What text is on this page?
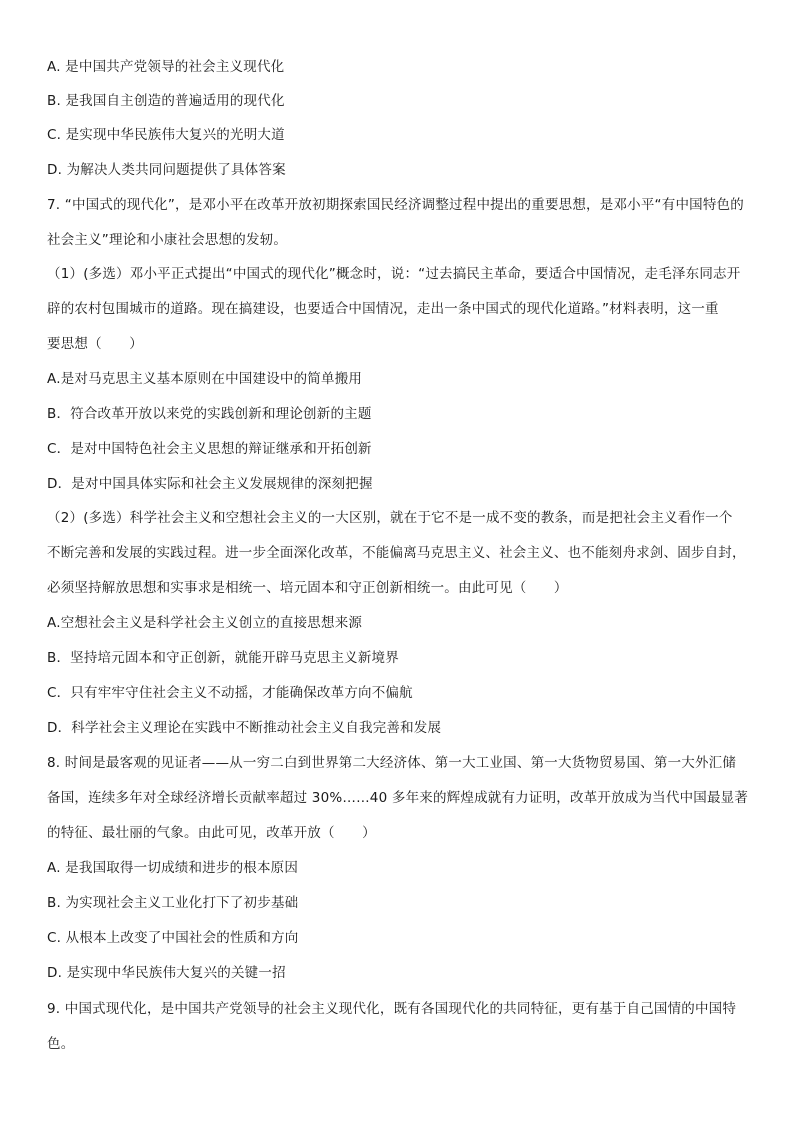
A. 是中国共产党领导的社会主义现代化
B. 是我国自主创造的普遍适用的现代化
C. 是实现中华民族伟大复兴的光明大道
D. 为解决人类共同问题提供了具体答案
7. “中国式的现代化”，是邓小平在改革开放初期探索国民经济调整过程中提出的重要思想，是邓小平“有中国特色的
社会主义”理论和小康社会思想的发轫。
（1）(多选）邓小平正式提出“中国式的现代化”概念时，说：“过去搞民主革命，要适合中国情况，走毛泽东同志开
辟的农村包围城市的道路。现在搞建设，也要适合中国情况，走出一条中国式的现代化道路。”材料表明，这一重
要思想（　　）
A.是对马克思主义基本原则在中国建设中的简单搬用
B．符合改革开放以来党的实践创新和理论创新的主题
C．是对中国特色社会主义思想的辩证继承和开拓创新
D．是对中国具体实际和社会主义发展规律的深刻把握
（2）(多选）科学社会主义和空想社会主义的一大区别，就在于它不是一成不变的教条，而是把社会主义看作一个
不断完善和发展的实践过程。进一步全面深化改革，不能偏离马克思主义、社会主义、也不能刻舟求剑、固步自封，
必须坚持解放思想和实事求是相统一、培元固本和守正创新相统一。由此可见（　　）
A.空想社会主义是科学社会主义创立的直接思想来源
B．坚持培元固本和守正创新，就能开辟马克思主义新境界
C．只有牢牢守住社会主义不动摇，才能确保改革方向不偏航
D．科学社会主义理论在实践中不断推动社会主义自我完善和发展
8. 时间是最客观的见证者——从一穷二白到世界第二大经济体、第一大工业国、第一大货物贸易国、第一大外汇储
备国，连续多年对全球经济增长贡献率超过 30%……40 多年来的辉煌成就有力证明，改革开放成为当代中国最显著
的特征、最壮丽的气象。由此可见，改革开放（　　）
A. 是我国取得一切成绩和进步的根本原因
B. 为实现社会主义工业化打下了初步基础
C. 从根本上改变了中国社会的性质和方向
D. 是实现中华民族伟大复兴的关键一招
9. 中国式现代化，是中国共产党领导的社会主义现代化，既有各国现代化的共同特征，更有基于自己国情的中国特
色。
